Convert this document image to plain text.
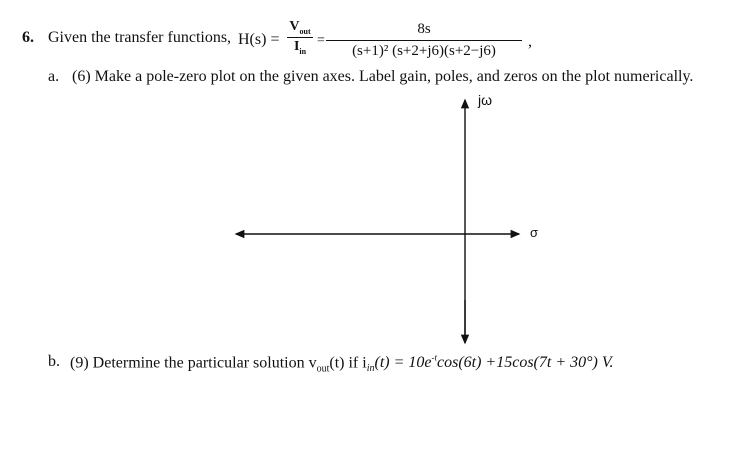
6. Given the transfer functions, H(s) =
$V_{out}$
$I_{in}$
=
8s
(s+1)² (s+2+j6)(s+2−j6)
,
a. (6) Make a pole-zero plot on the given axes. Label gain, poles, and zeros on the plot numerically.
jω
σ
b. (9) Determine the particular solution $v_{out}(t)$ if $i_{in}(t) = 10e^{-t}\cos(6t) +15\cos(7t + 30^\circ)$ V.
